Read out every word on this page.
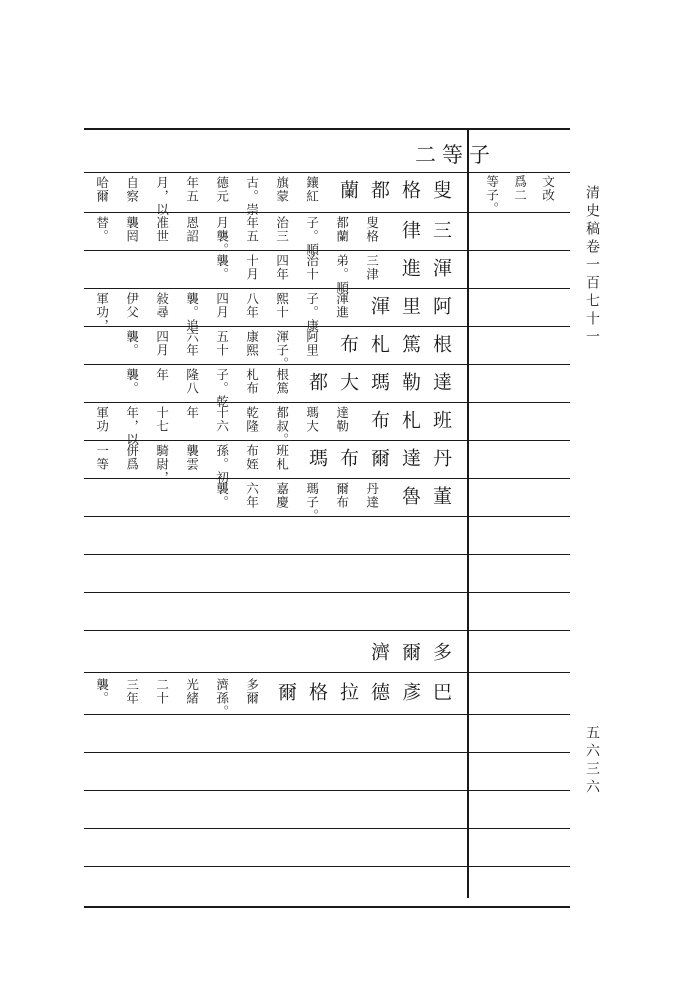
二等子
文改
爲二
等子。	清史稿卷一百七十一
五六三六
蘭 都 格 叟
鑲紅
旗蒙
古。崇
德元
年五
月，以
自察
哈爾
律 三
叟格
都蘭
子。順
治三
年五
月襲。
恩詔
准世
襲罔
替。
進 渾
三津
弟。順
治十
四年
十月
襲。
渾 里 阿
渾進
子。康
熙十
八年
四月
襲。追
敍尋
伊父
軍功，
布 札 篤 根
阿里
渾子。
康熙
五十
六年
四月
襲。
都 大 瑪 勒 達
根篤
札布
子。乾
隆八
年
襲。
布 札 班
達勒
瑪大
都叔。
乾隆
十六
年
十七
年，以
軍功
瑪 布 爾 達 丹
班札
布姪
孫。初
襲雲
騎尉，
併爲
一等
魯 董
丹達
爾布
瑪子。
嘉慶
六年
襲。
濟 爾 多
爾 格 拉 德 彥 巴
多爾
濟孫。
光緒
二十
三年
襲。
